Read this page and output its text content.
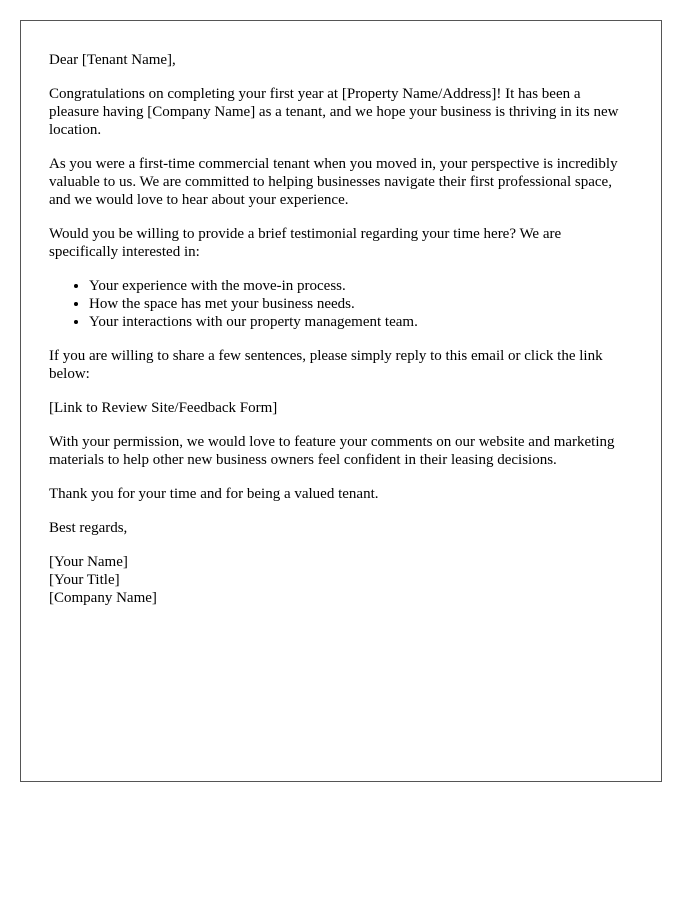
Dear [Tenant Name],

Congratulations on completing your first year at [Property Name/Address]! It has been a pleasure having [Company Name] as a tenant, and we hope your business is thriving in its new location.

As you were a first-time commercial tenant when you moved in, your perspective is incredibly valuable to us. We are committed to helping businesses navigate their first professional space, and we would love to hear about your experience.

Would you be willing to provide a brief testimonial regarding your time here? We are specifically interested in:

• Your experience with the move-in process.
• How the space has met your business needs.
• Your interactions with our property management team.

If you are willing to share a few sentences, please simply reply to this email or click the link below:

[Link to Review Site/Feedback Form]

With your permission, we would love to feature your comments on our website and marketing materials to help other new business owners feel confident in their leasing decisions.

Thank you for your time and for being a valued tenant.

Best regards,

[Your Name]
[Your Title]
[Company Name]
